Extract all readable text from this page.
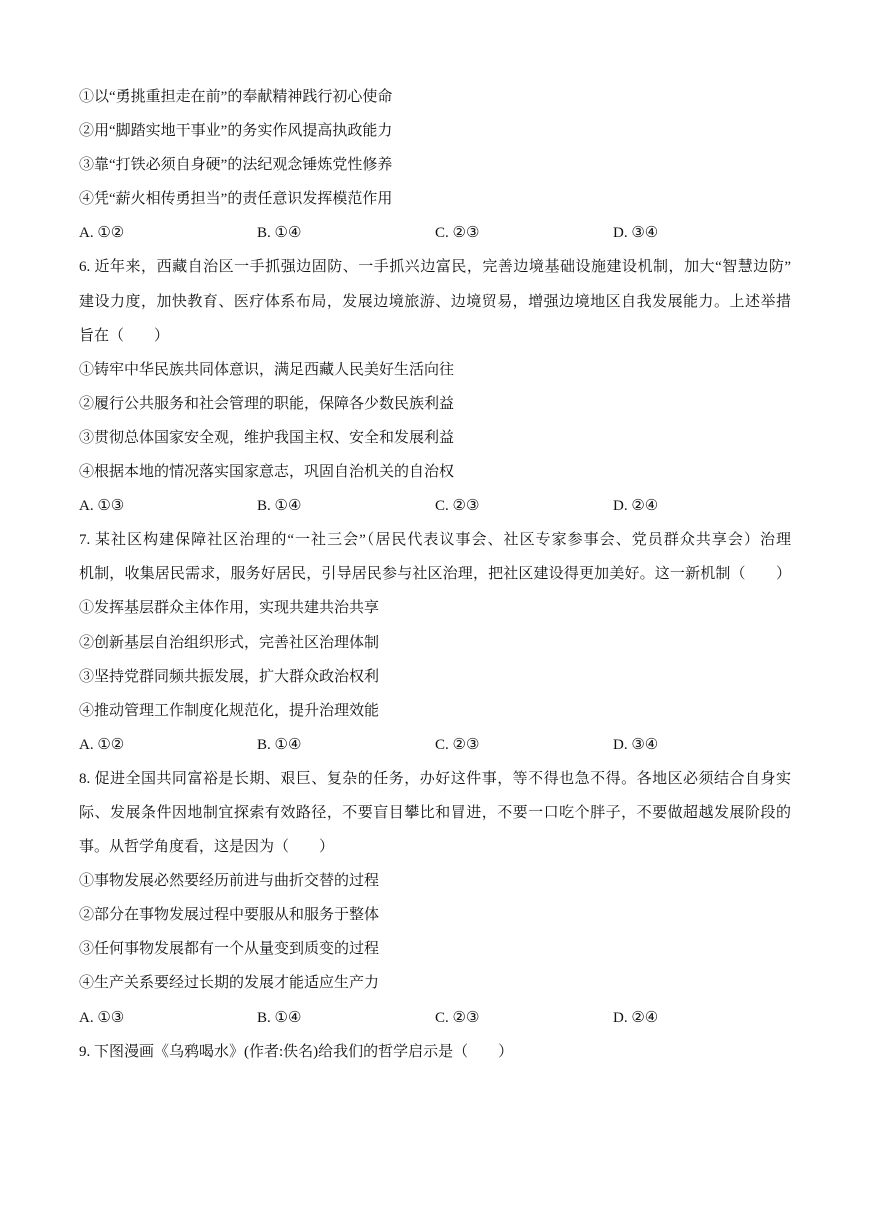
①以“勇挑重担走在前”的奉献精神践行初心使命
②用“脚踏实地干事业”的务实作风提高执政能力
③靠“打铁必须自身硬”的法纪观念锤炼党性修养
④凭“薪火相传勇担当”的责任意识发挥模范作用
A. ①②	B. ①④	C. ②③	D. ③④
6. 近年来，西藏自治区一手抓强边固防、一手抓兴边富民，完善边境基础设施建设机制，加大“智慧边防”
建设力度，加快教育、医疗体系布局，发展边境旅游、边境贸易，增强边境地区自我发展能力。上述举措
旨在（　　）
①铸牢中华民族共同体意识，满足西藏人民美好生活向往
②履行公共服务和社会管理的职能，保障各少数民族利益
③贯彻总体国家安全观，维护我国主权、安全和发展利益
④根据本地的情况落实国家意志，巩固自治机关的自治权
A. ①③	B. ①④	C. ②③	D. ②④
7. 某社区构建保障社区治理的“一社三会”（居民代表议事会、社区专家参事会、党员群众共享会）治理
机制，收集居民需求，服务好居民，引导居民参与社区治理，把社区建设得更加美好。这一新机制（　　）
①发挥基层群众主体作用，实现共建共治共享
②创新基层自治组织形式，完善社区治理体制
③坚持党群同频共振发展，扩大群众政治权利
④推动管理工作制度化规范化，提升治理效能
A. ①②	B. ①④	C. ②③	D. ③④
8. 促进全国共同富裕是长期、艰巨、复杂的任务，办好这件事，等不得也急不得。各地区必须结合自身实
际、发展条件因地制宜探索有效路径，不要盲目攀比和冒进，不要一口吃个胖子，不要做超越发展阶段的
事。从哲学角度看，这是因为（　　）
①事物发展必然要经历前进与曲折交替的过程
②部分在事物发展过程中要服从和服务于整体
③任何事物发展都有一个从量变到质变的过程
④生产关系要经过长期的发展才能适应生产力
A. ①③	B. ①④	C. ②③	D. ②④
9. 下图漫画《乌鸦喝水》(作者:佚名)给我们的哲学启示是（　　）
